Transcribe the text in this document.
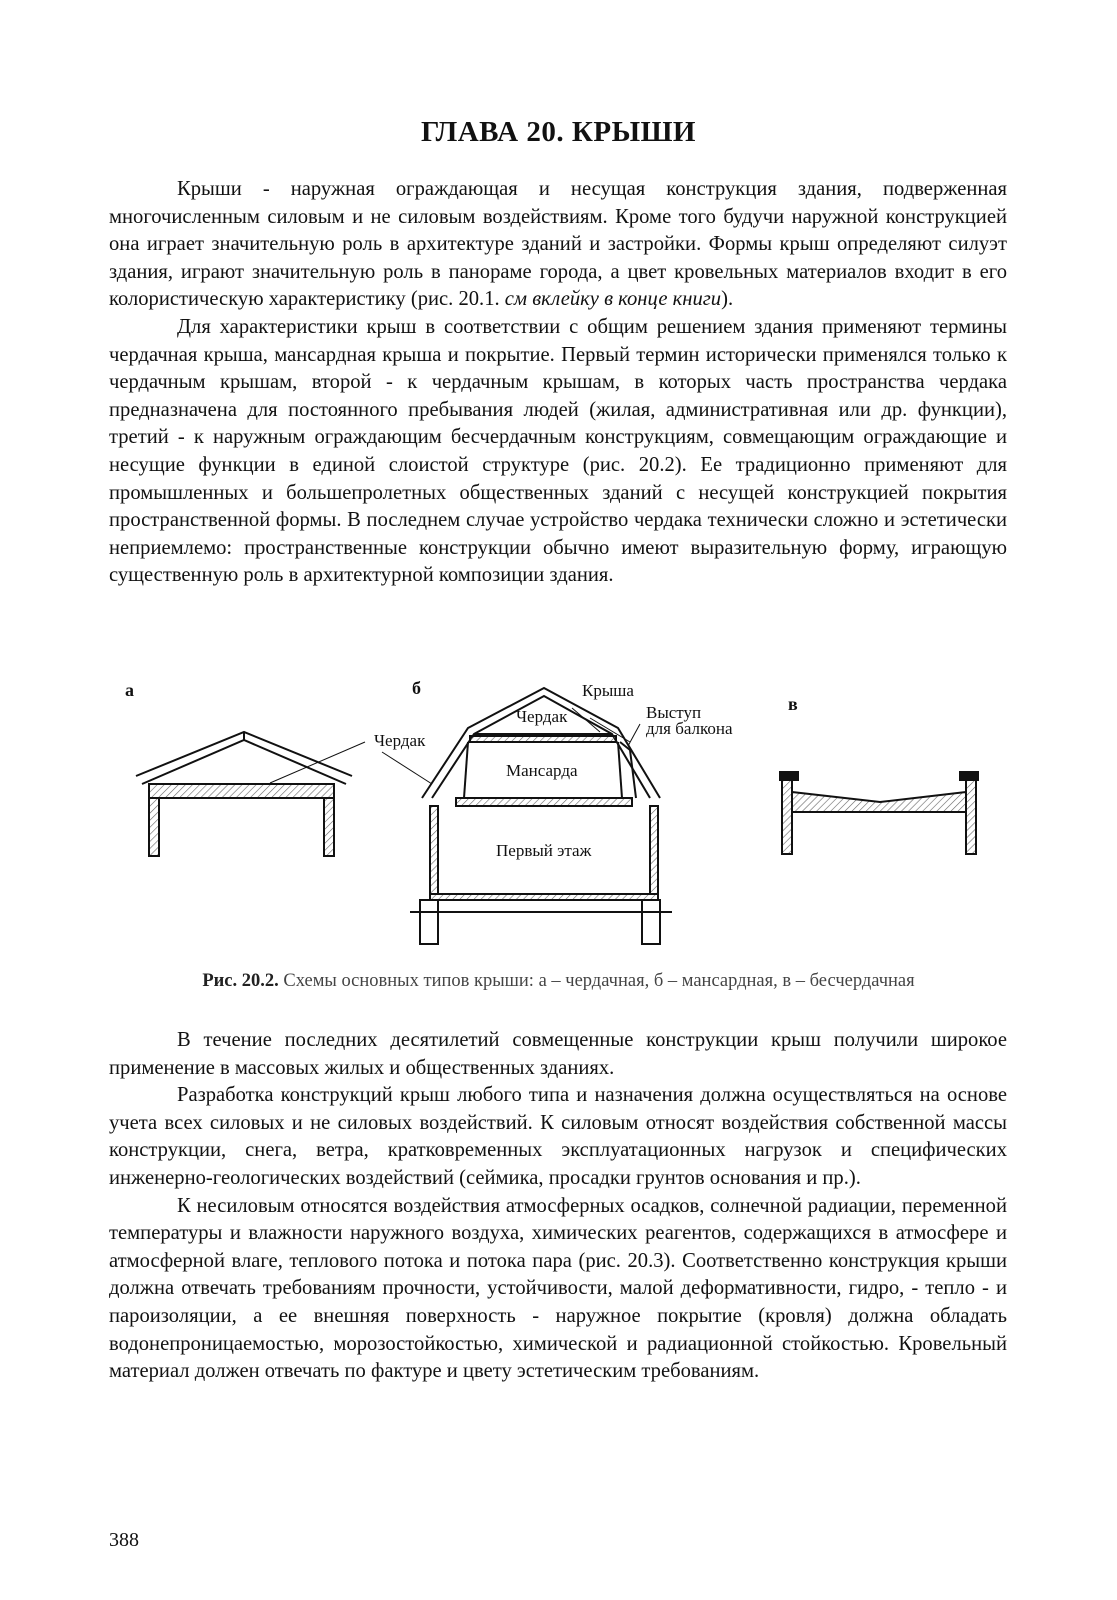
ГЛАВА 20. КРЫШИ

Крыши - наружная ограждающая и несущая конструкция здания, подверженная многочисленным силовым и не силовым воздействиям. Кроме того будучи наружной конструкцией она играет значительную роль в архитектуре зданий и застройки. Формы крыш определяют силуэт здания, играют значительную роль в панораме города, а цвет кровельных материалов входит в его колористическую характеристику (рис. 20.1. см вклейку в конце книги).

Для характеристики крыш в соответствии с общим решением здания применяют термины чердачная крыша, мансардная крыша и покрытие. Первый термин исторически применялся только к чердачным крышам, второй - к чердачным крышам, в которых часть пространства чердака предназначена для постоянного пребывания людей (жилая, административная или др. функции), третий - к наружным ограждающим бесчердачным конструкциям, совмещающим ограждающие и несущие функции в единой слоистой структуре (рис. 20.2). Ее традиционно применяют для промышленных и большепролетных общественных зданий с несущей конструкцией покрытия пространственной формы. В последнем случае устройство чердака технически сложно и эстетически неприемлемо: пространственные конструкции обычно имеют выразительную форму, играющую существенную роль в архитектурной композиции здания.

а	б
в
Крыша
Чердак
Чердак	Выступ
для балкона
Мансарда
Первый этаж
Рис. 20.2. Схемы основных типов крыши: а – чердачная, б – мансардная, в – бесчердачная

В течение последних десятилетий совмещенные конструкции крыш получили широкое применение в массовых жилых и общественных зданиях.

Разработка конструкций крыш любого типа и назначения должна осуществляться на основе учета всех силовых и не силовых воздействий. К силовым относят воздействия собственной массы конструкции, снега, ветра, кратковременных эксплуатационных нагрузок и специфических инженерно-геологических воздействий (сеймика, просадки грунтов основания и пр.).

К несиловым относятся воздействия атмосферных осадков, солнечной радиации, переменной температуры и влажности наружного воздуха, химических реагентов, содержащихся в атмосфере и атмосферной влаге, теплового потока и потока пара (рис. 20.3). Соответственно конструкция крыши должна отвечать требованиям прочности, устойчивости, малой деформативности, гидро, - тепло - и пароизоляции, а ее внешняя поверхность - наружное покрытие (кровля) должна обладать водонепроницаемостью, морозостойкостью, химической и радиационной стойкостью. Кровельный материал должен отвечать по фактуре и цвету эстетическим требованиям.

388
